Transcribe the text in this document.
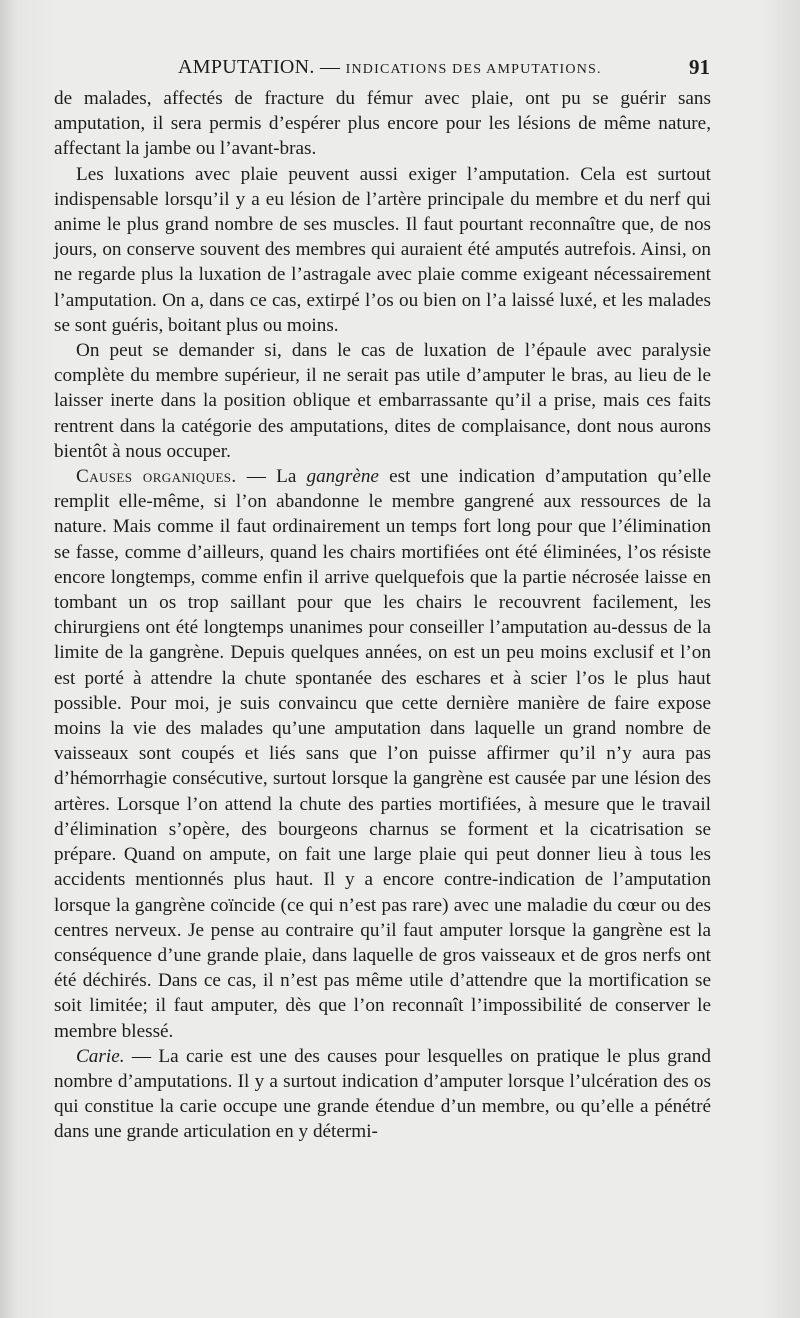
AMPUTATION. — INDICATIONS DES AMPUTATIONS.	91

de malades, affectés de fracture du fémur avec plaie, ont pu se guérir sans amputation, il sera permis d’espérer plus encore pour les lésions de même nature, affectant la jambe ou l’avant-bras.

Les luxations avec plaie peuvent aussi exiger l’amputation. Cela est surtout indispensable lorsqu’il y a eu lésion de l’artère principale du membre et du nerf qui anime le plus grand nombre de ses muscles. Il faut pourtant reconnaître que, de nos jours, on conserve souvent des membres qui auraient été amputés autrefois. Ainsi, on ne regarde plus la luxation de l’astragale avec plaie comme exigeant nécessairement l’amputation. On a, dans ce cas, extirpé l’os ou bien on l’a laissé luxé, et les malades se sont guéris, boitant plus ou moins.

On peut se demander si, dans le cas de luxation de l’épaule avec paralysie complète du membre supérieur, il ne serait pas utile d’amputer le bras, au lieu de le laisser inerte dans la position oblique et embarrassante qu’il a prise, mais ces faits rentrent dans la catégorie des amputations, dites de complaisance, dont nous aurons bientôt à nous occuper.

Causes organiques. — La gangrène est une indication d’amputation qu’elle remplit elle-même, si l’on abandonne le membre gangrené aux ressources de la nature. Mais comme il faut ordinairement un temps fort long pour que l’élimination se fasse, comme d’ailleurs, quand les chairs mortifiées ont été éliminées, l’os résiste encore longtemps, comme enfin il arrive quelquefois que la partie nécrosée laisse en tombant un os trop saillant pour que les chairs le recouvrent facilement, les chirurgiens ont été longtemps unanimes pour conseiller l’amputation au-dessus de la limite de la gangrène. Depuis quelques années, on est un peu moins exclusif et l’on est porté à attendre la chute spontanée des eschares et à scier l’os le plus haut possible. Pour moi, je suis convaincu que cette dernière manière de faire expose moins la vie des malades qu’une amputation dans laquelle un grand nombre de vaisseaux sont coupés et liés sans que l’on puisse affirmer qu’il n’y aura pas d’hémorrhagie consécutive, surtout lorsque la gangrène est causée par une lésion des artères. Lorsque l’on attend la chute des parties mortifiées, à mesure que le travail d’élimination s’opère, des bourgeons charnus se forment et la cicatrisation se prépare. Quand on ampute, on fait une large plaie qui peut donner lieu à tous les accidents mentionnés plus haut. Il y a encore contre-indication de l’amputation lorsque la gangrène coïncide (ce qui n’est pas rare) avec une maladie du cœur ou des centres nerveux. Je pense au contraire qu’il faut amputer lorsque la gangrène est la conséquence d’une grande plaie, dans laquelle de gros vaisseaux et de gros nerfs ont été déchirés. Dans ce cas, il n’est pas même utile d’attendre que la mortification se soit limitée; il faut amputer, dès que l’on reconnaît l’impossibilité de conserver le membre blessé.

Carie. — La carie est une des causes pour lesquelles on pratique le plus grand nombre d’amputations. Il y a surtout indication d’amputer lorsque l’ulcération des os qui constitue la carie occupe une grande étendue d’un membre, ou qu’elle a pénétré dans une grande articulation en y détermi-
